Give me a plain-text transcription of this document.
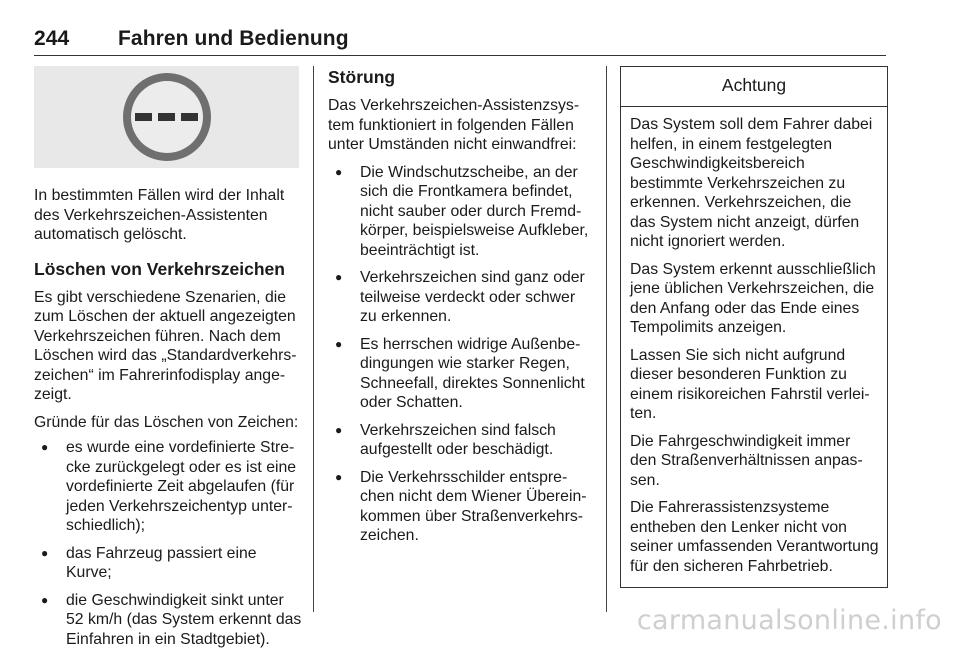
244 Fahren und Bedienung

In bestimmten Fällen wird der Inhalt des Verkehrszeichen-Assistenten automatisch gelöscht.

Löschen von Verkehrszeichen

Es gibt verschiedene Szenarien, die zum Löschen der aktuell angezeigten Verkehrszeichen führen. Nach dem Löschen wird das „Standardverkehrszeichen“ im Fahrerinfodisplay angezeigt.

Gründe für das Löschen von Zeichen:

● es wurde eine vordefinierte Strecke zurückgelegt oder es ist eine vordefinierte Zeit abgelaufen (für jeden Verkehrszeichentyp unterschiedlich);
● das Fahrzeug passiert eine Kurve;
● die Geschwindigkeit sinkt unter 52 km/h (das System erkennt das Einfahren in ein Stadtgebiet).
Störung

Das Verkehrszeichen-Assistenzsystem funktioniert in folgenden Fällen unter Umständen nicht einwandfrei:

● Die Windschutzscheibe, an der sich die Frontkamera befindet, nicht sauber oder durch Fremdkörper, beispielsweise Aufkleber, beeinträchtigt ist.
● Verkehrszeichen sind ganz oder teilweise verdeckt oder schwer zu erkennen.
● Es herrschen widrige Außenbedingungen wie starker Regen, Schneefall, direktes Sonnenlicht oder Schatten.
● Verkehrszeichen sind falsch aufgestellt oder beschädigt.
● Die Verkehrsschilder entsprechen nicht dem Wiener Übereinkommen über Straßenverkehrszeichen.
Achtung

Das System soll dem Fahrer dabei helfen, in einem festgelegten Geschwindigkeitsbereich bestimmte Verkehrszeichen zu erkennen. Verkehrszeichen, die das System nicht anzeigt, dürfen nicht ignoriert werden.

Das System erkennt ausschließlich jene üblichen Verkehrszeichen, die den Anfang oder das Ende eines Tempolimits anzeigen.

Lassen Sie sich nicht aufgrund dieser besonderen Funktion zu einem risikoreichen Fahrstil verleiten.

Die Fahrgeschwindigkeit immer den Straßenverhältnissen anpassen.

Die Fahrerassistenzsysteme entheben den Lenker nicht von seiner umfassenden Verantwortung für den sicheren Fahrbetrieb.

carmanualsonline.info
